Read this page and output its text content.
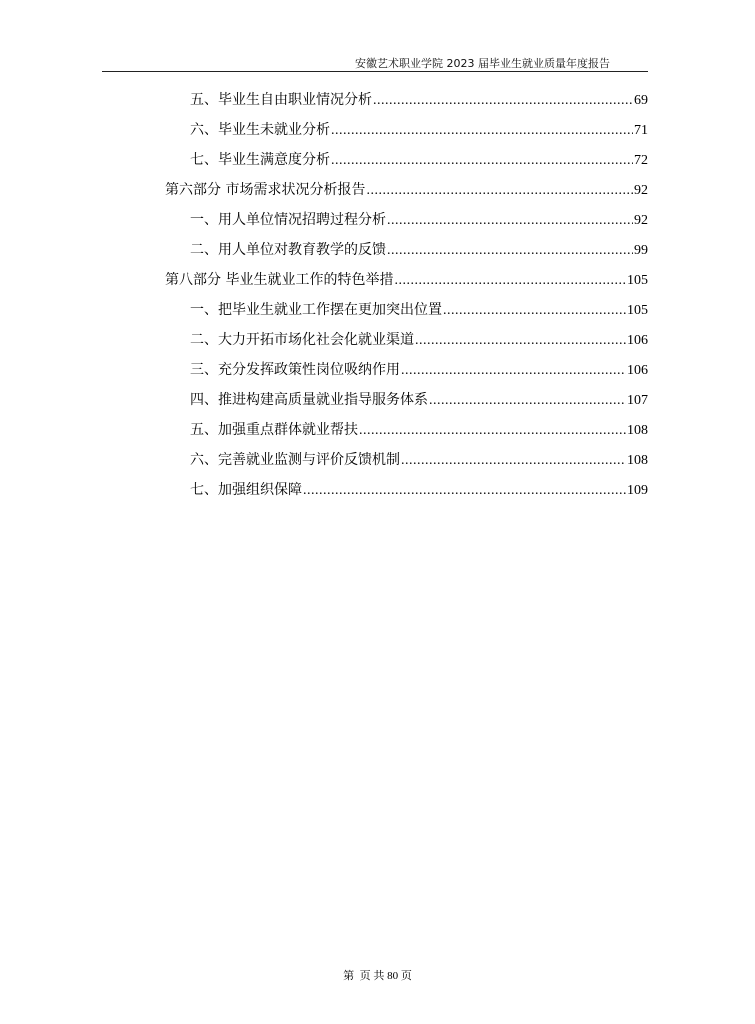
安徽艺术职业学院 2023 届毕业生就业质量年度报告
五、 毕业生自由职业情况分析 .....	69
六、 毕业生未就业分析 .....	71
七、 毕业生满意度分析 .....	72
第六部分 市场需求状况分析报告 .....	92
一、 用人单位情况招聘过程分析 .....	92
二、 用人单位对教育教学的反馈 .....	99
第八部分 毕业生就业工作的特色举措 .....	105
一、 把毕业生就业工作摆在更加突出位置 .....	105
二、 大力开拓市场化社会化就业渠道 .....	106
三、 充分发挥政策性岗位吸纳作用 .....	106
四、 推进构建高质量就业指导服务体系 .....	107
五、 加强重点群体就业帮扶 .....	108
六、 完善就业监测与评价反馈机制 .....	108
七、 加强组织保障 .....	109
第  页 共 80 页
